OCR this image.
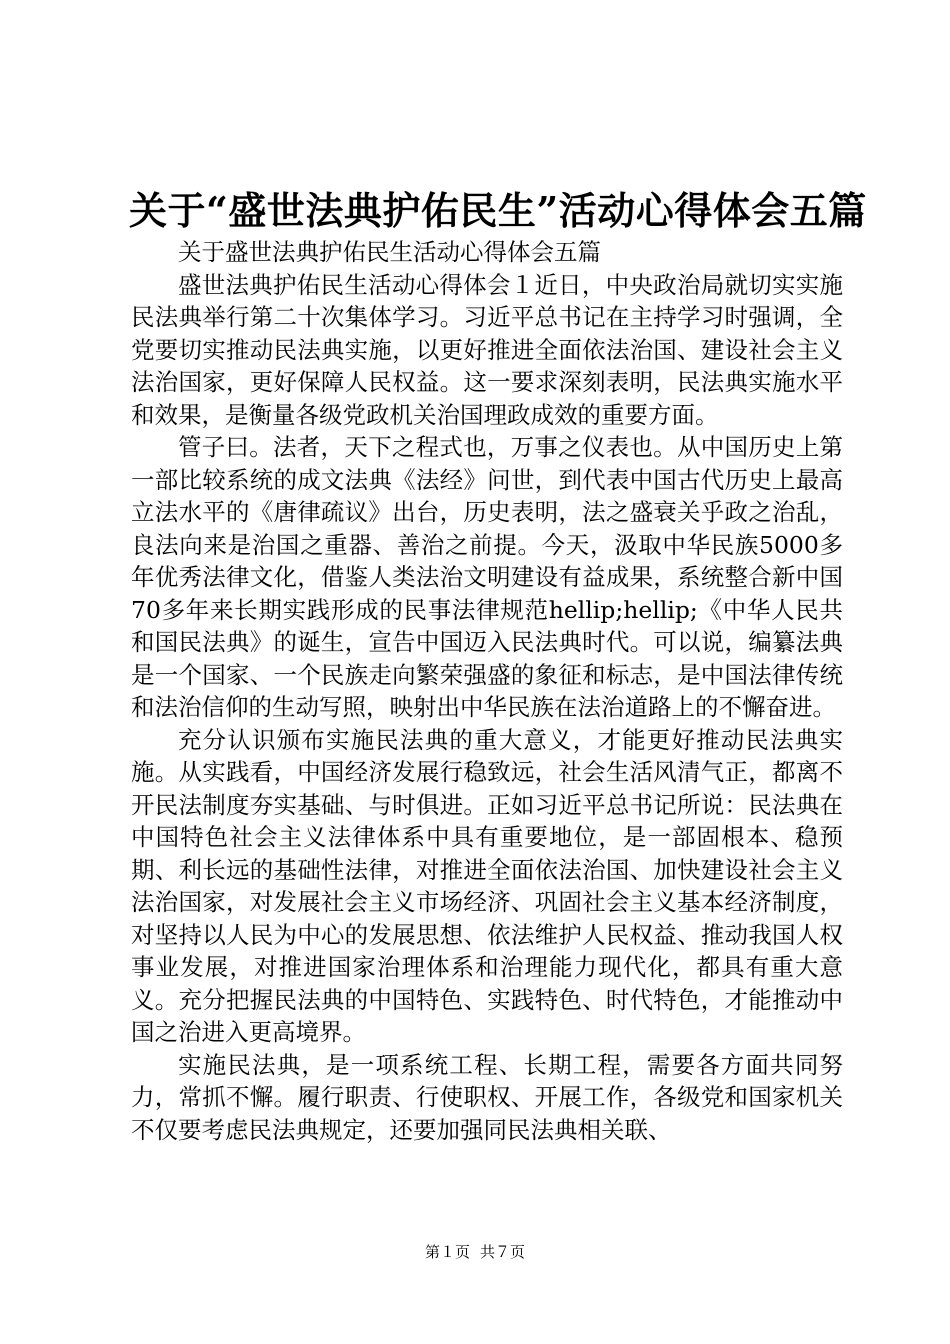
关于“盛世法典护佑民生”活动心得体会五篇

关于盛世法典护佑民生活动心得体会五篇

盛世法典护佑民生活动心得体会１近日，中央政治局就切实实施民法典举行第二十次集体学习。习近平总书记在主持学习时强调，全党要切实推动民法典实施，以更好推进全面依法治国、建设社会主义法治国家，更好保障人民权益。这一要求深刻表明，民法典实施水平和效果，是衡量各级党政机关治国理政成效的重要方面。

管子曰。法者，天下之程式也，万事之仪表也。从中国历史上第一部比较系统的成文法典《法经》问世，到代表中国古代历史上最高立法水平的《唐律疏议》出台，历史表明，法之盛衰关乎政之治乱，良法向来是治国之重器、善治之前提。今天，汲取中华民族5000多年优秀法律文化，借鉴人类法治文明建设有益成果，系统整合新中国70多年来长期实践形成的民事法律规范hellip;hellip;《中华人民共和国民法典》的诞生，宣告中国迈入民法典时代。可以说，编纂法典是一个国家、一个民族走向繁荣强盛的象征和标志，是中国法律传统和法治信仰的生动写照，映射出中华民族在法治道路上的不懈奋进。

充分认识颁布实施民法典的重大意义，才能更好推动民法典实施。从实践看，中国经济发展行稳致远，社会生活风清气正，都离不开民法制度夯实基础、与时俱进。正如习近平总书记所说：民法典在中国特色社会主义法律体系中具有重要地位，是一部固根本、稳预期、利长远的基础性法律，对推进全面依法治国、加快建设社会主义法治国家，对发展社会主义市场经济、巩固社会主义基本经济制度，对坚持以人民为中心的发展思想、依法维护人民权益、推动我国人权事业发展，对推进国家治理体系和治理能力现代化，都具有重大意义。充分把握民法典的中国特色、实践特色、时代特色，才能推动中国之治进入更高境界。

实施民法典，是一项系统工程、长期工程，需要各方面共同努力，常抓不懈。履行职责、行使职权、开展工作，各级党和国家机关不仅要考虑民法典规定，还要加强同民法典相关联、

第１页 共７页
